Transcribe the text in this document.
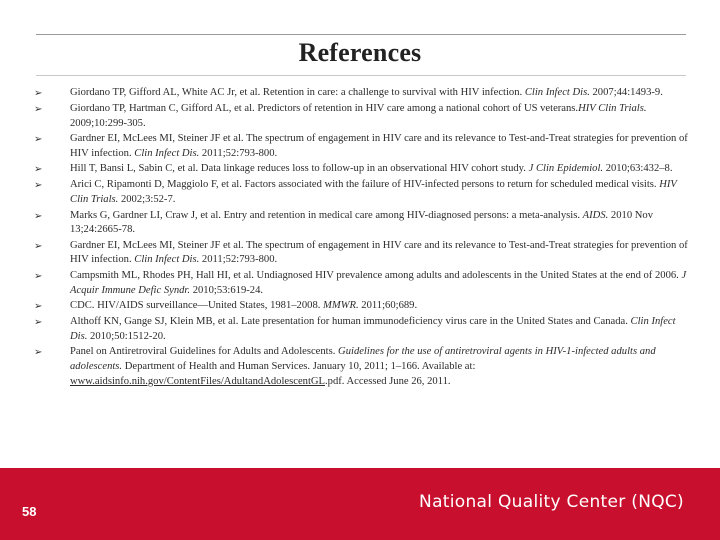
References
➢	Giordano TP, Gifford AL, White AC Jr, et al. Retention in care: a challenge to survival with HIV infection. Clin Infect Dis. 2007;44:1493-9.
➢	Giordano TP, Hartman C, Gifford AL, et al. Predictors of retention in HIV care among a national cohort of US veterans.HIV Clin Trials. 2009;10:299-305.
➢	Gardner EI, McLees MI, Steiner JF et al. The spectrum of engagement in HIV care and its relevance to Test-and-Treat strategies for prevention of HIV infection. Clin Infect Dis. 2011;52:793-800.
➢	Hill T, Bansi L, Sabin C, et al. Data linkage reduces loss to follow-up in an observational HIV cohort study. J Clin Epidemiol. 2010;63:432–8.
➢	Arici C, Ripamonti D, Maggiolo F, et al. Factors associated with the failure of HIV-infected persons to return for scheduled medical visits. HIV Clin Trials. 2002;3:52-7.
➢	Marks G, Gardner LI, Craw J, et al. Entry and retention in medical care among HIV-diagnosed persons: a meta-analysis. AIDS. 2010 Nov 13;24:2665-78.
➢	Gardner EI, McLees MI, Steiner JF et al. The spectrum of engagement in HIV care and its relevance to Test-and-Treat strategies for prevention of HIV infection. Clin Infect Dis. 2011;52:793-800.
➢	Campsmith ML, Rhodes PH, Hall HI, et al. Undiagnosed HIV prevalence among adults and adolescents in the United States at the end of 2006. J Acquir Immune Defic Syndr. 2010;53:619-24.
➢	CDC. HIV/AIDS surveillance—United States, 1981–2008. MMWR. 2011;60;689.
➢	Althoff KN, Gange SJ, Klein MB, et al. Late presentation for human immunodeficiency virus care in the United States and Canada. Clin Infect Dis. 2010;50:1512-20.
➢	Panel on Antiretroviral Guidelines for Adults and Adolescents. Guidelines for the use of antiretroviral agents in HIV-1-infected adults and adolescents. Department of Health and Human Services. January 10, 2011; 1–166. Available at: www.aidsinfo.nih.gov/ContentFiles/AdultandAdolescentGL.pdf. Accessed June 26, 2011.
58	National Quality Center (NQC)
